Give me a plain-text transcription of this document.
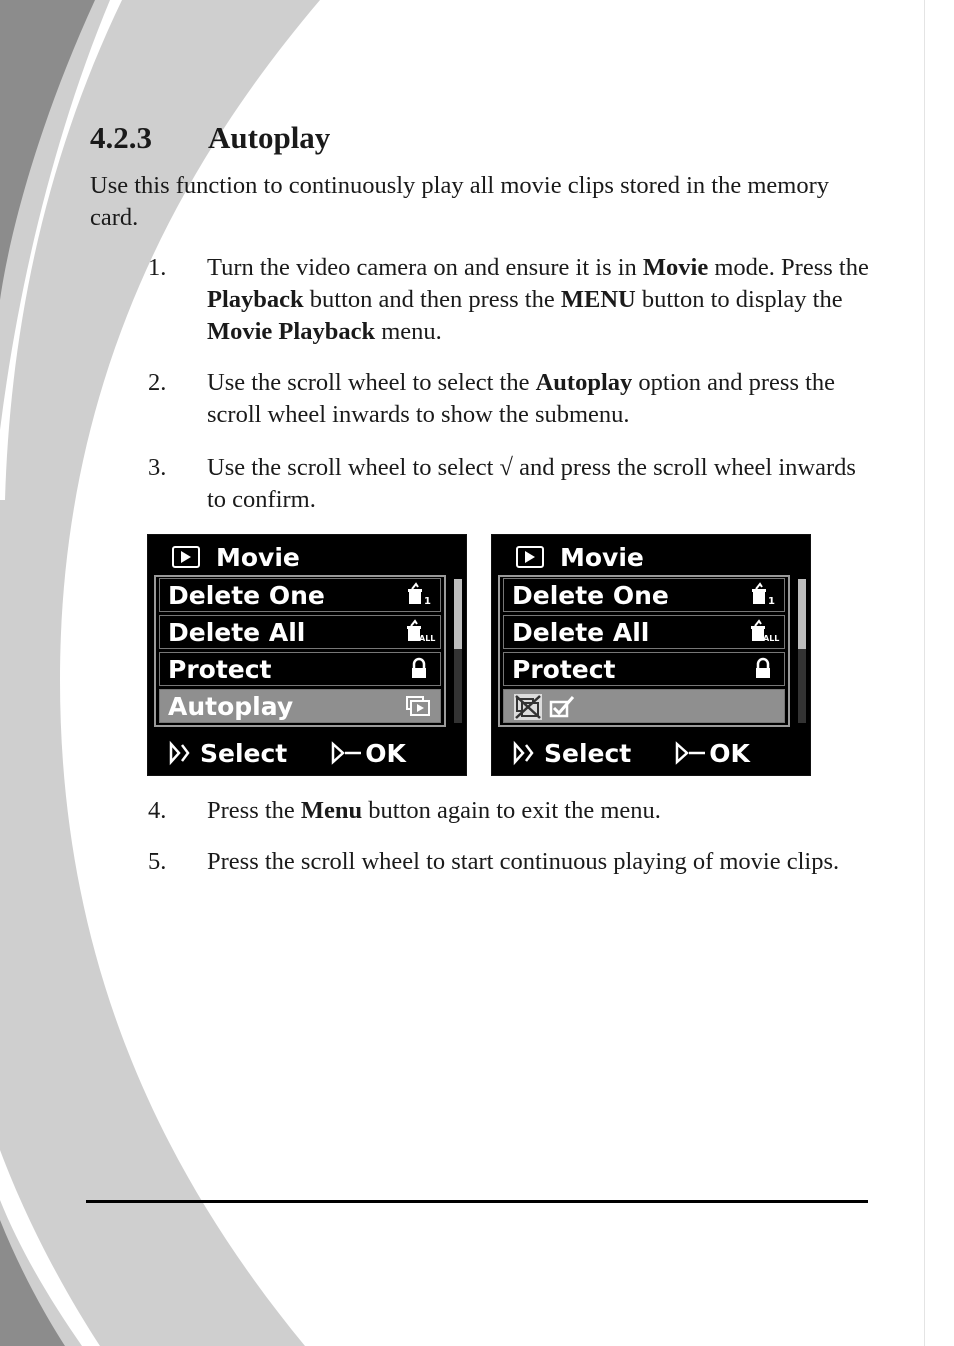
4.2.3	Autoplay

Use this function to continuously play all movie clips stored in the memory card.

1.	Turn the video camera on and ensure it is in Movie mode. Press the Playback button and then press the MENU button to display the Movie Playback menu.
2.	Use the scroll wheel to select the Autoplay option and press the scroll wheel inwards to show the submenu.
3.	Use the scroll wheel to select √ and press the scroll wheel inwards to confirm.
Movie
Delete One	1
Delete All	ALL
Protect
Autoplay
Select	OK
Movie
Delete One	1
Delete All	ALL
Protect
Select	OK
4.	Press the Menu button again to exit the menu.
5.	Press the scroll wheel to start continuous playing of movie clips.
